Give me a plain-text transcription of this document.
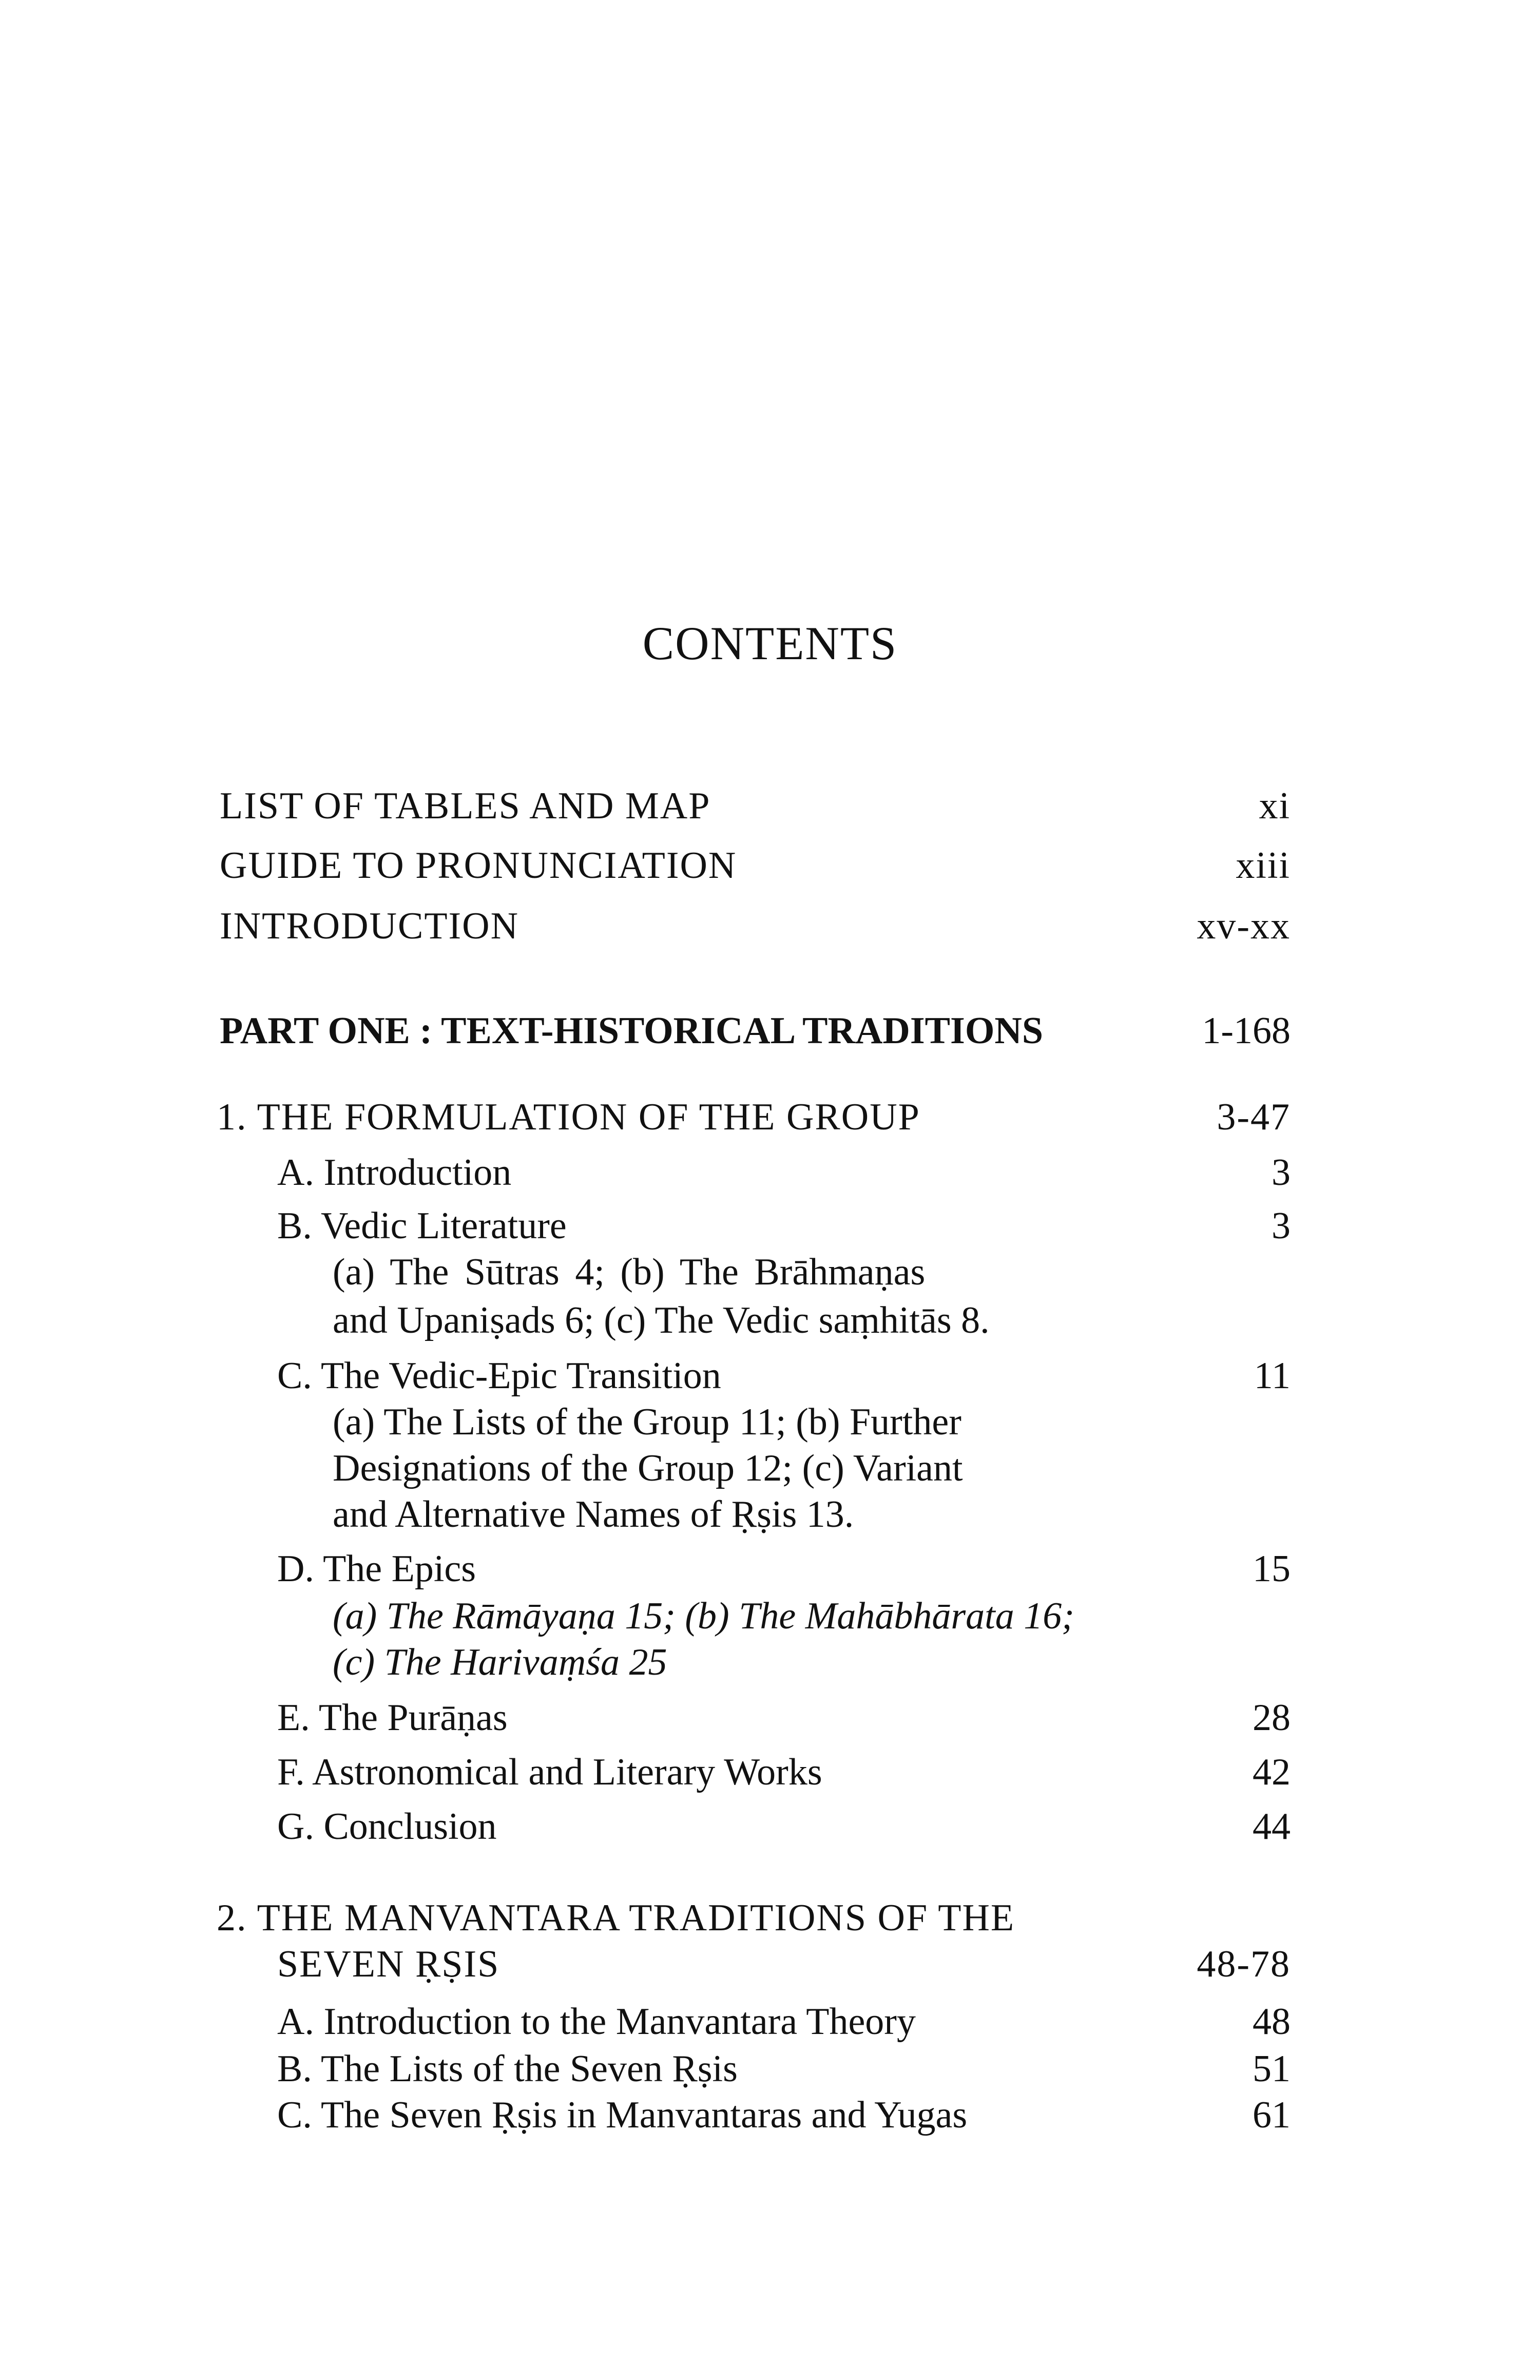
CONTENTS
LIST OF TABLES AND MAP	xi
GUIDE TO PRONUNCIATION	xiii
INTRODUCTION	xv-xx
PART ONE : TEXT-HISTORICAL TRADITIONS	1-168
1. THE FORMULATION OF THE GROUP	3-47
A. Introduction	3
B. Vedic Literature	3
(a) The Sūtras 4; (b) The Brāhmaṇas
and Upaniṣads 6; (c) The Vedic saṃhitās 8.
C. The Vedic-Epic Transition	11
(a) The Lists of the Group 11; (b) Further
Designations of the Group 12; (c) Variant
and Alternative Names of Ṛṣis 13.
D. The Epics	15
(a) The Rāmāyaṇa 15; (b) The Mahābhārata 16;
(c) The Harivaṃśa 25
E. The Purāṇas	28
F. Astronomical and Literary Works	42
G. Conclusion	44
2. THE MANVANTARA TRADITIONS OF THE
SEVEN ṚṢIS	48-78
A. Introduction to the Manvantara Theory	48
B. The Lists of the Seven Ṛṣis	51
C. The Seven Ṛṣis in Manvantaras and Yugas	61
